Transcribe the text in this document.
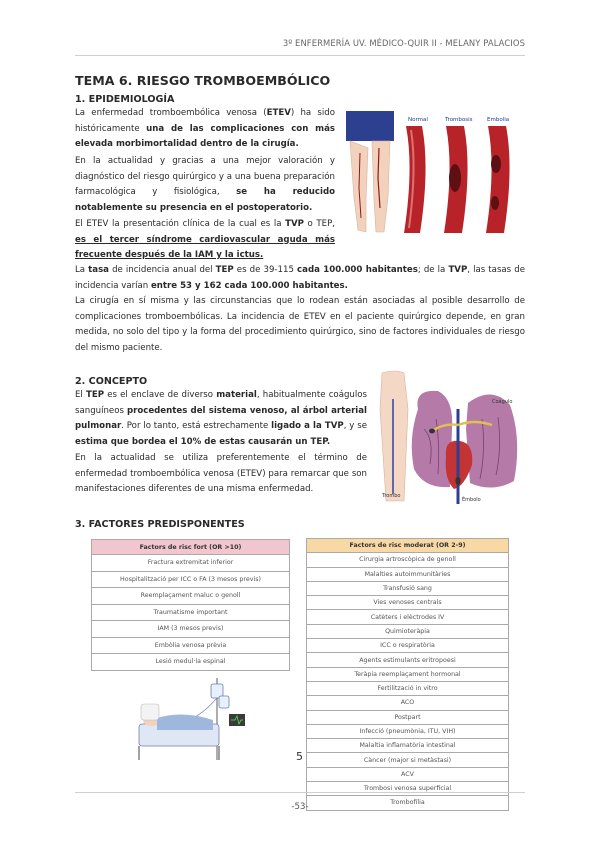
3º ENFERMERÍA UV. MÉDICO-QUIR II - MELANY PALACIOS
TEMA 6. RIESGO TROMBOEMBÓLICO
1. EPIDEMIOLOGÍA
La enfermedad tromboembólica venosa (ETEV) ha sido históricamente una de las complicaciones con más elevada morbimortalidad dentro de la cirugía.
En la actualidad y gracias a una mejor valoración y diagnóstico del riesgo quirúrgico y a una buena preparación farmacológica y fisiológica, se ha reducido notablemente su presencia en el postoperatorio.
El ETEV la presentación clínica de la cual es la TVP o TEP, es el tercer síndrome cardiovascular aguda más frecuente después de la IAM y la ictus.
La tasa de incidencia anual del TEP es de 39-115 cada 100.000 habitantes; de la TVP, las tasas de incidencia varían entre 53 y 162 cada 100.000 habitantes.
La cirugía en sí misma y las circunstancias que lo rodean están asociadas al posible desarrollo de complicaciones tromboembólicas. La incidencia de ETEV en el paciente quirúrgico depende, en gran medida, no solo del tipo y la forma del procedimiento quirúrgico, sino de factores individuales de riesgo del mismo paciente.
Normal	Trombosis	Embolia
2. CONCEPTO
El TEP es el enclave de diverso material, habitualmente coágulos sanguíneos procedentes del sistema venoso, al árbol arterial pulmonar. Por lo tanto, está estrechamente ligado a la TVP, y se estima que bordea el 10% de estas causarán un TEP.
En la actualidad se utiliza preferentemente el término de enfermedad tromboembólica venosa (ETEV) para remarcar que son manifestaciones diferentes de una misma enfermedad.
Coágulo
Trombo
Émbolo
3. FACTORES PREDISPONENTES
Factors de risc fort (OR >10)
Fractura extremitat inferior
Hospitalització per ICC o FA (3 mesos previs)
Reemplaçament maluc o genoll
Traumatisme important
IAM (3 mesos previs)
Embòlia venosa prèvia
Lesió medul·la espinal
Factors de risc moderat (OR 2-9)
Cirurgia artroscòpica de genoll
Malalties autoimmunitàries
Transfusió sang
Vies venoses centrals
Catèters i elèctrodes IV
Quimioteràpia
ICC o respiratòria
Agents estimulants eritropoesi
Teràpia reemplaçament hormonal
Fertilització in vitro
ACO
Postpart
Infecció (pneumònia, ITU, VIH)
Malaltia inflamatòria intestinal
Càncer (major si metàstasi)
ACV
Trombosi venosa superficial
Trombofília
5
-53-
